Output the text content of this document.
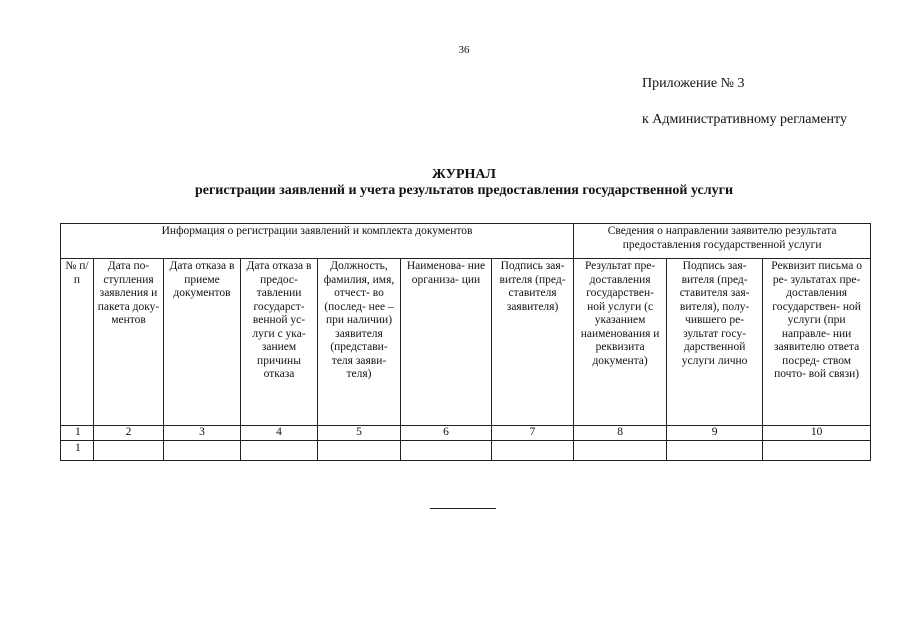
36
Приложение № 3
к Административному регламенту
ЖУРНАЛ
регистрации заявлений и учета результатов предоставления государственной услуги
Информация о регистрации заявлений и комплекта документов							Сведения о направлении заявителю результата предоставления государственной услуги		
№ п/п	Дата по- ступления заявления и пакета доку- ментов	Дата отказа в приеме документов	Дата отказа в предос- тавлении государст- венной ус- луги с ука- занием причины отказа	Должность, фамилия, имя, отчест- во (послед- нее – при наличии) заявителя (представи- теля заяви- теля)	Наименова- ние организа- ции	Подпись зая- вителя (пред- ставителя заявителя)	Результат пре- доставления государствен- ной услуги (с указанием наименования и реквизита документа)	Подпись зая- вителя (пред- ставителя зая- вителя), полу- чившего ре- зультат госу- дарственной услуги лично	Реквизит письма о ре- зультатах пре- доставления государствен- ной услуги (при направле- нии заявителю ответа посред- ством почто- вой связи)
1	2	3	4	5	6	7	8	9	10
1									
